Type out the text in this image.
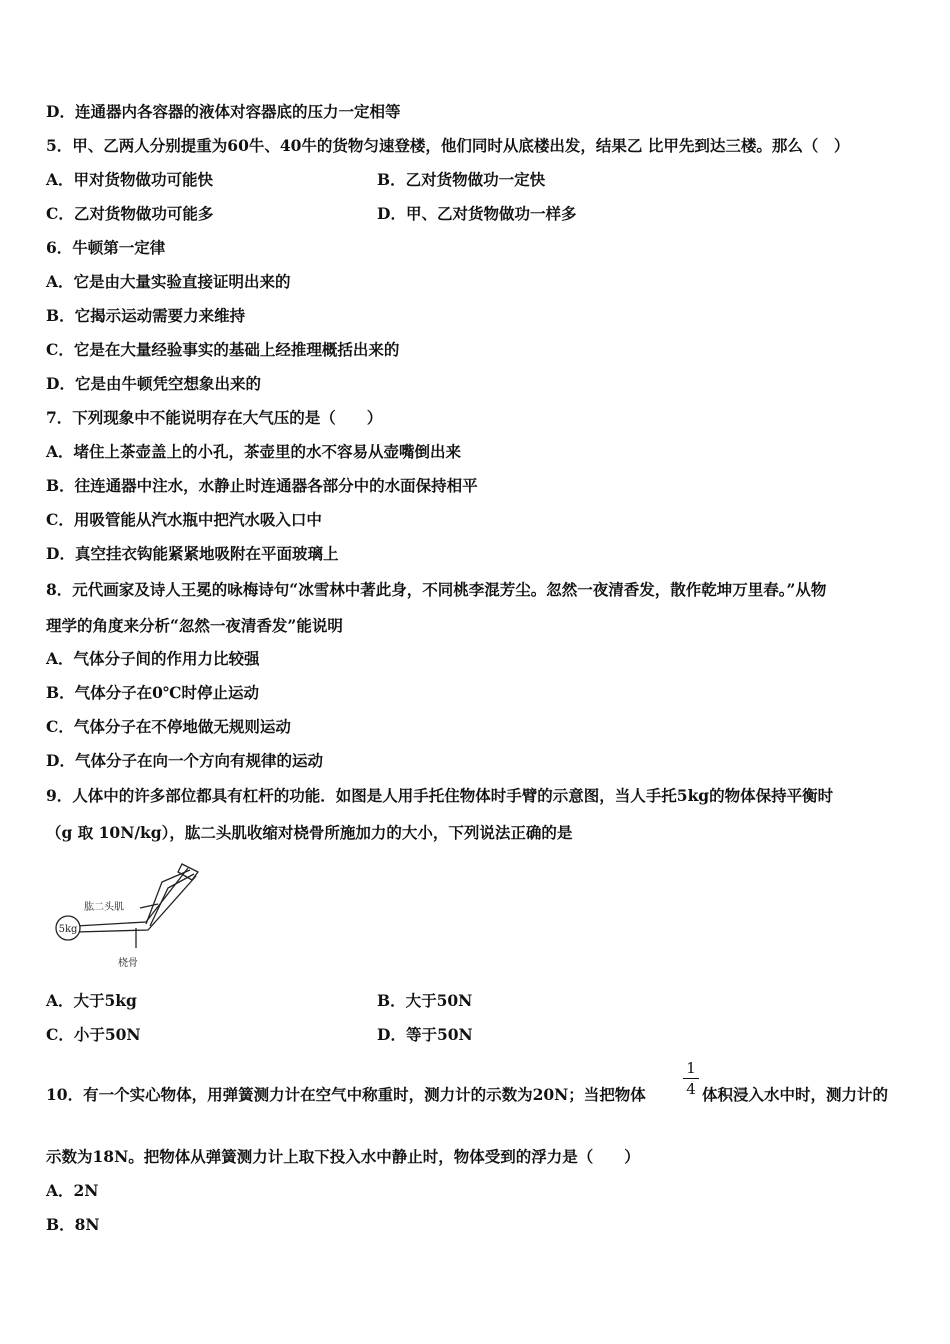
D．连通器内各容器的液体对容器底的压力一定相等
5．甲、乙两人分别提重为60牛、40牛的货物匀速登楼，他们同时从底楼出发，结果乙 比甲先到达三楼。那么（　）
A．甲对货物做功可能快	B．乙对货物做功一定快
C．乙对货物做功可能多	D．甲、乙对货物做功一样多
6．牛顿第一定律
A．它是由大量实验直接证明出来的
B．它揭示运动需要力来维持
C．它是在大量经验事实的基础上经推理概括出来的
D．它是由牛顿凭空想象出来的
7．下列现象中不能说明存在大气压的是（　　）
A．堵住上茶壶盖上的小孔，茶壶里的水不容易从壶嘴倒出来
B．往连通器中注水，水静止时连通器各部分中的水面保持相平
C．用吸管能从汽水瓶中把汽水吸入口中
D．真空挂衣钩能紧紧地吸附在平面玻璃上
8．元代画家及诗人王冕的咏梅诗句“冰雪林中著此身，不同桃李混芳尘。忽然一夜清香发，散作乾坤万里春。”从物
理学的角度来分析“忽然一夜清香发”能说明
A．气体分子间的作用力比较强
B．气体分子在0℃时停止运动
C．气体分子在不停地做无规则运动
D．气体分子在向一个方向有规律的运动
9．人体中的许多部位都具有杠杆的功能．如图是人用手托住物体时手臂的示意图，当人手托5kg的物体保持平衡时
（g 取 10N/kg），肱二头肌收缩对桡骨所施加力的大小，下列说法正确的是
5kg
肱二头肌
桡骨
A．大于5kg	B．大于50N
C．小于50N	D．等于50N
10．有一个实心物体，用弹簧测力计在空气中称重时，测力计的示数为20N；当把物体
1
4 体积浸入水中时，测力计的
示数为18N。把物体从弹簧测力计上取下投入水中静止时，物体受到的浮力是（　　）
A．2N
B．8N
